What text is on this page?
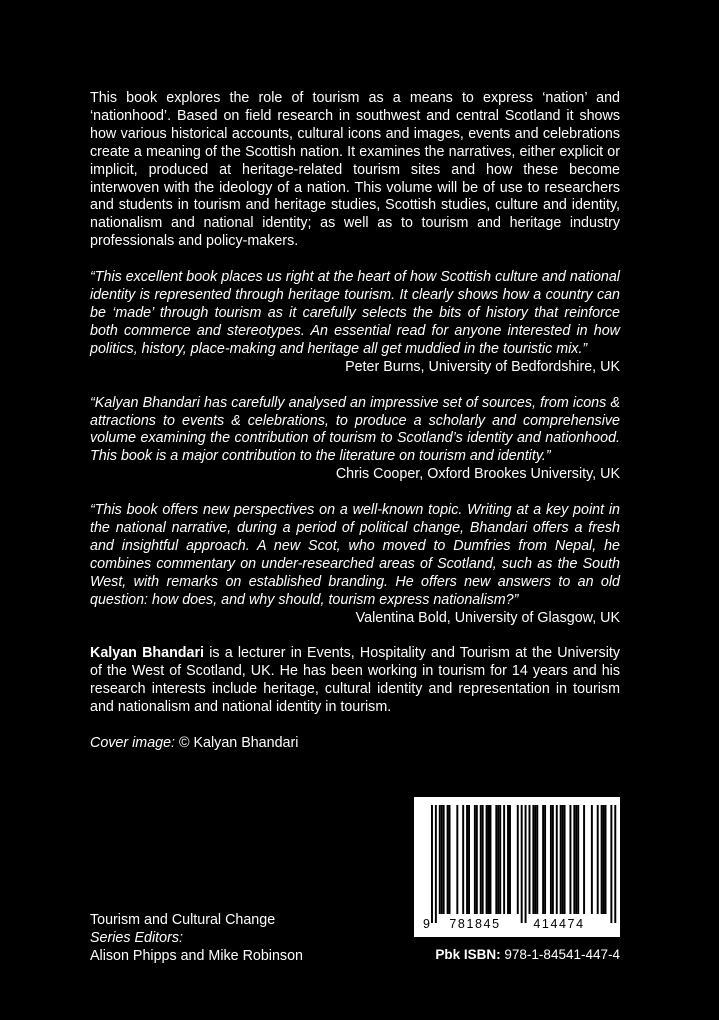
This book explores the role of tourism as a means to express ‘nation’ and ‘nationhood’. Based on field research in southwest and central Scotland it shows how various historical accounts, cultural icons and images, events and celebrations create a meaning of the Scottish nation. It examines the narratives, either explicit or implicit, produced at heritage-related tourism sites and how these become interwoven with the ideology of a nation. This volume will be of use to researchers and students in tourism and heritage studies, Scottish studies, culture and identity, nationalism and national identity; as well as to tourism and heritage industry professionals and policy-makers.

“This excellent book places us right at the heart of how Scottish culture and national identity is represented through heritage tourism. It clearly shows how a country can be ‘made’ through tourism as it carefully selects the bits of history that reinforce both commerce and stereotypes. An essential read for anyone interested in how politics, history, place-making and heritage all get muddied in the touristic mix.”

Peter Burns, University of Bedfordshire, UK

“Kalyan Bhandari has carefully analysed an impressive set of sources, from icons & attractions to events & celebrations, to produce a scholarly and comprehensive volume examining the contribution of tourism to Scotland’s identity and nationhood. This book is a major contribution to the literature on tourism and identity.”

Chris Cooper, Oxford Brookes University, UK

“This book offers new perspectives on a well-known topic. Writing at a key point in the national narrative, during a period of political change, Bhandari offers a fresh and insightful approach. A new Scot, who moved to Dumfries from Nepal, he combines commentary on under-researched areas of Scotland, such as the South West, with remarks on established branding. He offers new answers to an old question: how does, and why should, tourism express nationalism?”

Valentina Bold, University of Glasgow, UK

Kalyan Bhandari is a lecturer in Events, Hospitality and Tourism at the University of the West of Scotland, UK. He has been working in tourism for 14 years and his research interests include heritage, cultural identity and representation in tourism and nationalism and national identity in tourism.

Cover image: © Kalyan Bhandari

Tourism and Cultural Change
Series Editors:
Alison Phipps and Mike Robinson
9 781845	414474
Pbk ISBN: 978-1-84541-447-4
